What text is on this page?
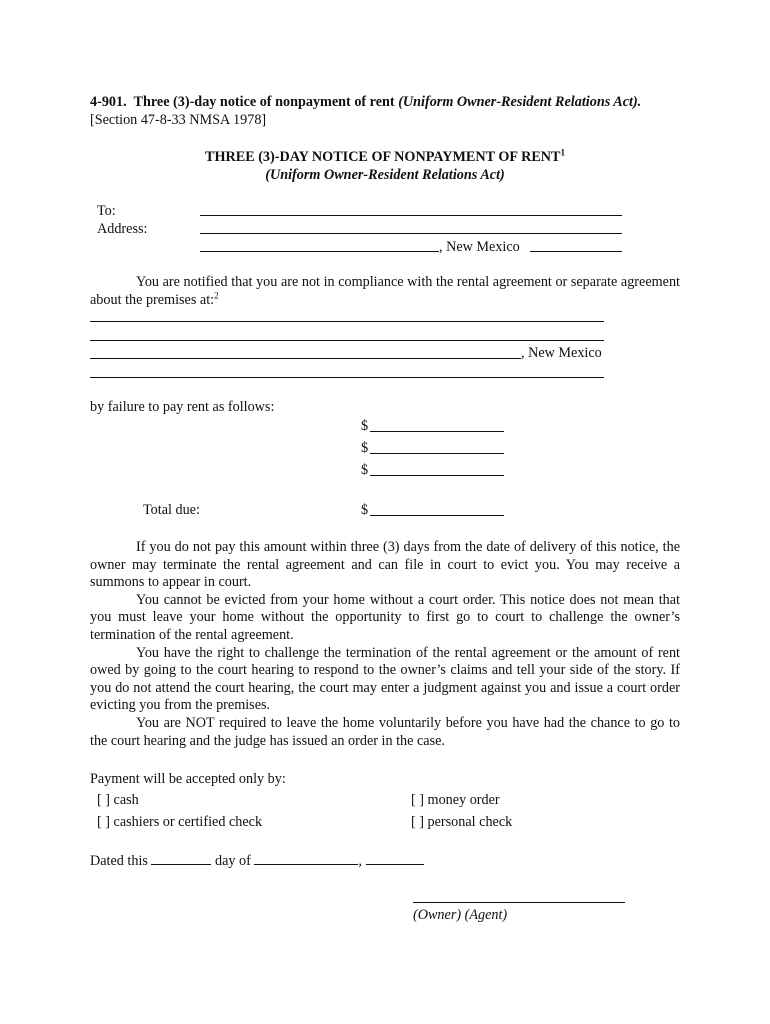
4-901. Three (3)-day notice of nonpayment of rent (Uniform Owner-Resident Relations Act).
[Section 47-8-33 NMSA 1978]
THREE (3)-DAY NOTICE OF NONPAYMENT OF RENT$^1$
(Uniform Owner-Resident Relations Act)
To:
Address:
, New Mexico

You are notified that you are not in compliance with the rental agreement or separate agreement about the premises at:$^2$

, New Mexico
by failure to pay rent as follows:
$
$
$
Total due:	$

If you do not pay this amount within three (3) days from the date of delivery of this notice, the owner may terminate the rental agreement and can file in court to evict you. You may receive a summons to appear in court.

You cannot be evicted from your home without a court order. This notice does not mean that you must leave your home without the opportunity to first go to court to challenge the owner’s termination of the rental agreement.

You have the right to challenge the termination of the rental agreement or the amount of rent owed by going to the court hearing to respond to the owner’s claims and tell your side of the story. If you do not attend the court hearing, the court may enter a judgment against you and issue a court order evicting you from the premises.

You are NOT required to leave the home voluntarily before you have had the chance to go to the court hearing and the judge has issued an order in the case.

Payment will be accepted only by:
[ ] cash	[ ] money order
[ ] cashiers or certified check	[ ] personal check
Dated this	day of	,
(Owner) (Agent)
